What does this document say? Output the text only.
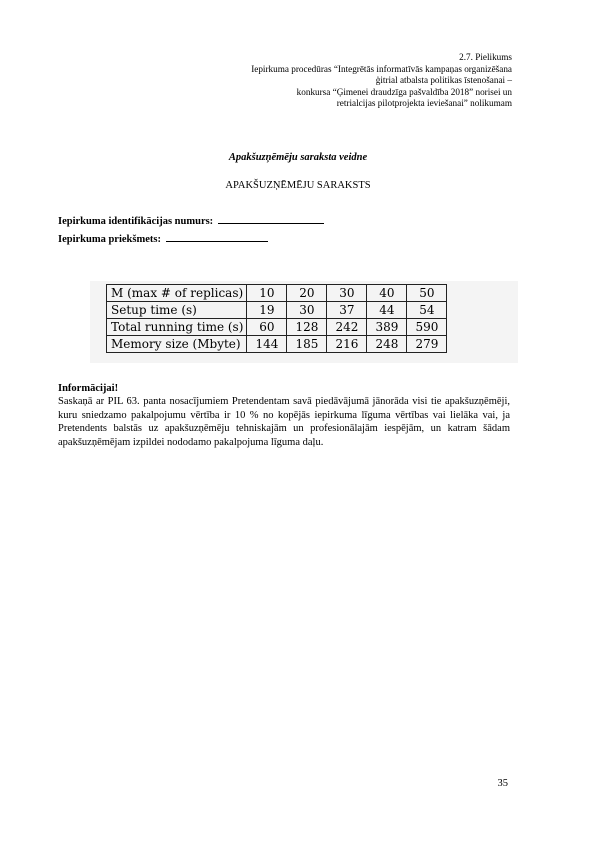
2.7. Pielikums
Iepirkuma procedūras “Integrētās informatīvās kampaņas organizēšana
ģitrial atbalsta politikas īstenošanai –
konkursa “Ģimenei draudzīga pašvaldība 2018” norisei un
retrialcijas pilotprojekta ieviešanai” nolikumam
Apakšuzņēmēju saraksta veidne
APAKŠUZŅĒMĒJU SARAKSTS
Iepirkuma identifikācijas numurs:
Iepirkuma priekšmets:
M (max # of replicas)	10	20	30	40	50
Setup time (s)	19	30	37	44	54
Total running time (s)	60	128	242	389	590
Memory size (Mbyte)	144	185	216	248	279
Informācijai!
Saskaņā ar PIL 63. panta nosacījumiem Pretendentam savā piedāvājumā jānorāda visi tie apakšuzņēmēji, kuru sniedzamo pakalpojumu vērtība ir 10 % no kopējās iepirkuma līguma vērtības vai lielāka vai, ja Pretendents balstās uz apakšuzņēmēju tehniskajām un profesionālajām iespējām, un katram šādam apakšuzņēmējam izpildei nododamo pakalpojuma līguma daļu.
35
